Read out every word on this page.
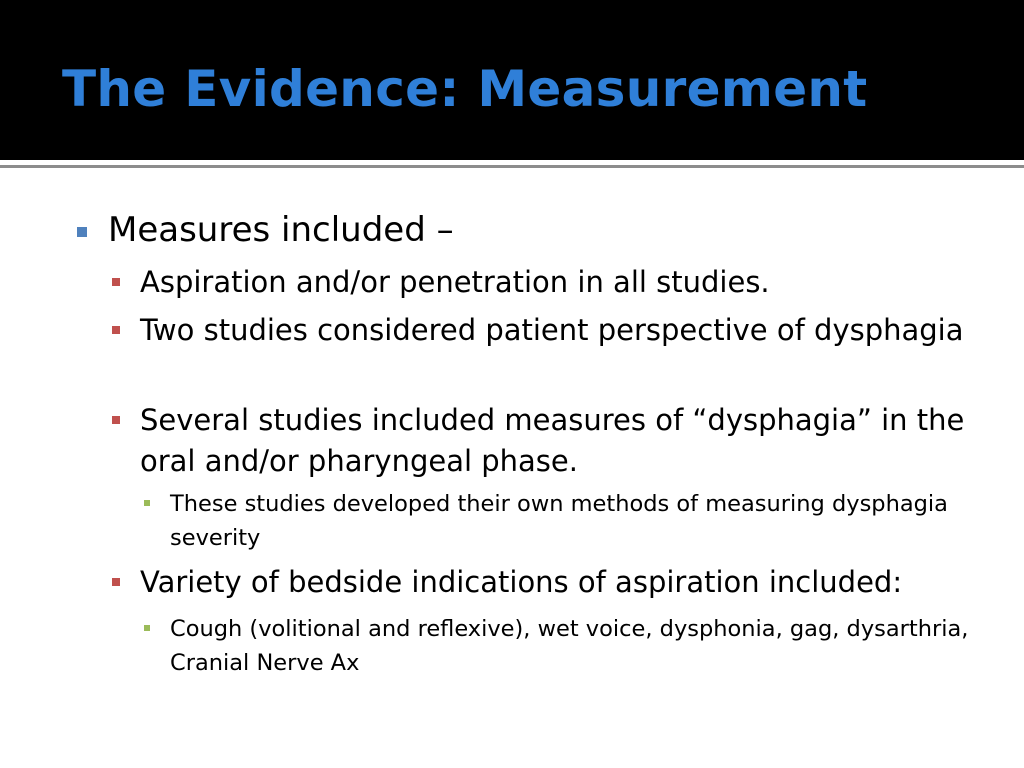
The Evidence: Measurement
Measures included –
Aspiration and/or penetration in all studies.
Two studies considered patient perspective of dysphagia
Several studies included measures of “dysphagia” in the oral and/or pharyngeal phase.
These studies developed their own methods of measuring dysphagia severity
Variety of bedside indications of aspiration included:
Cough (volitional and reflexive), wet voice, dysphonia, gag, dysarthria, Cranial Nerve Ax
